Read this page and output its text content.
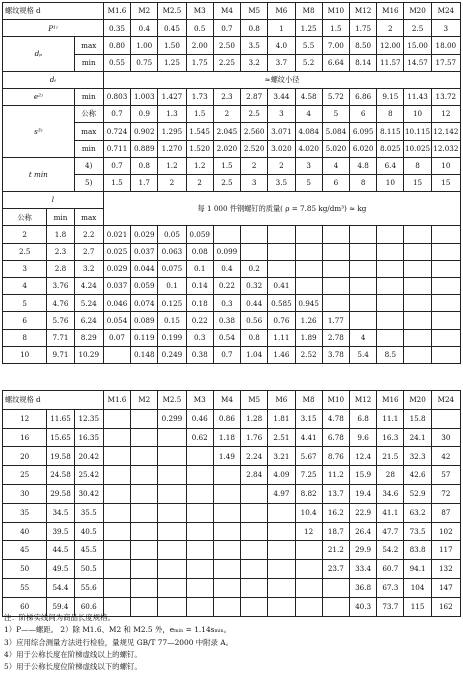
螺纹规格 d			M1.6	M2	M2.5	M3	M4	M5	M6	M8	M10	M12	M16	M20	M24
P¹⁾			0.35	0.4	0.45	0.5	0.7	0.8	1	1.25	1.5	1.75	2	2.5	3
dₚ		max	0.80	1.00	1.50	2.00	2.50	3.5	4.0	5.5	7.00	8.50	12.00	15.00	18.00
		min	0.55	0.75	1.25	1.75	2.25	3.2	3.7	5.2	6.64	8.14	11.57	14.57	17.57
dₜ			≈螺纹小径												
e²⁾		min	0.803	1.003	1.427	1.73	2.3	2.87	3.44	4.58	5.72	6.86	9.15	11.43	13.72
s³⁾		公称	0.7	0.9	1.3	1.5	2	2.5	3	4	5	6	8	10	12
		max	0.724	0.902	1.295	1.545	2.045	2.560	3.071	4.084	5.084	6.095	8.115	10.115	12.142
		min	0.711	0.889	1.270	1.520	2.020	2.520	3.020	4.020	5.020	6.020	8.025	10.025	12.032
t min		4)	0.7	0.8	1.2	1.2	1.5	2	2	3	4	4.8	6.4	8	10
		5)	1.5	1.7	2	2	2.5	3	3.5	5	6	8	10	15	15
l			每 1 000 件钢螺钉的质量( ρ = 7.85 kg/dm³) ≈ kg												
公称	min	max													
2	1.8	2.2	0.021	0.029	0.05	0.059									
2.5	2.3	2.7	0.025	0.037	0.063	0.08	0.099								
3	2.8	3.2	0.029	0.044	0.075	0.1	0.4	0.2							
4	3.76	4.24	0.037	0.059	0.1	0.14	0.22	0.32	0.41						
5	4.76	5.24	0.046	0.074	0.125	0.18	0.3	0.44	0.585	0.945					
6	5.76	6.24	0.054	0.089	0.15	0.22	0.38	0.56	0.76	1.26	1.77				
8	7.71	8.29	0.07	0.119	0.199	0.3	0.54	0.8	1.11	1.89	2.78	4			
10	9.71	10.29		0.148	0.249	0.38	0.7	1.04	1.46	2.52	3.78	5.4	8.5		
螺纹规格 d			M1.6	M2	M2.5	M3	M4	M5	M6	M8	M10	M12	M16	M20	M24
12	11.65	12.35			0.299	0.46	0.86	1.28	1.81	3.15	4.78	6.8	11.1	15.8	
16	15.65	16.35				0.62	1.18	1.76	2.51	4.41	6.78	9.6	16.3	24.1	30
20	19.58	20.42					1.49	2.24	3.21	5.67	8.76	12.4	21.5	32.3	42
25	24.58	25.42						2.84	4.09	7.25	11.2	15.9	28	42.6	57
30	29.58	30.42							4.97	8.82	13.7	19.4	34.6	52.9	72
35	34.5	35.5								10.4	16.2	22.9	41.1	63.2	87
40	39.5	40.5								12	18.7	26.4	47.7	73.5	102
45	44.5	45.5									21.2	29.9	54.2	83.8	117
50	49.5	50.5									23.7	33.4	60.7	94.1	132
55	54.4	55.6										36.8	67.3	104	147
60	59.4	60.6										40.3	73.7	115	162
注：阶梯实线间为商品长度规格。
1）P——螺距。 2）除 M1.6、M2 和 M2.5 外，eₘᵢₙ = 1.14sₘᵢₙ。
3）应用综合测量方法进行检验，量规见 GB/T 77—2000 中附录 A。
4）用于公称长度在阶梯虚线以上的螺钉。
5）用于公称长度位阶梯虚线以下的螺钉。
